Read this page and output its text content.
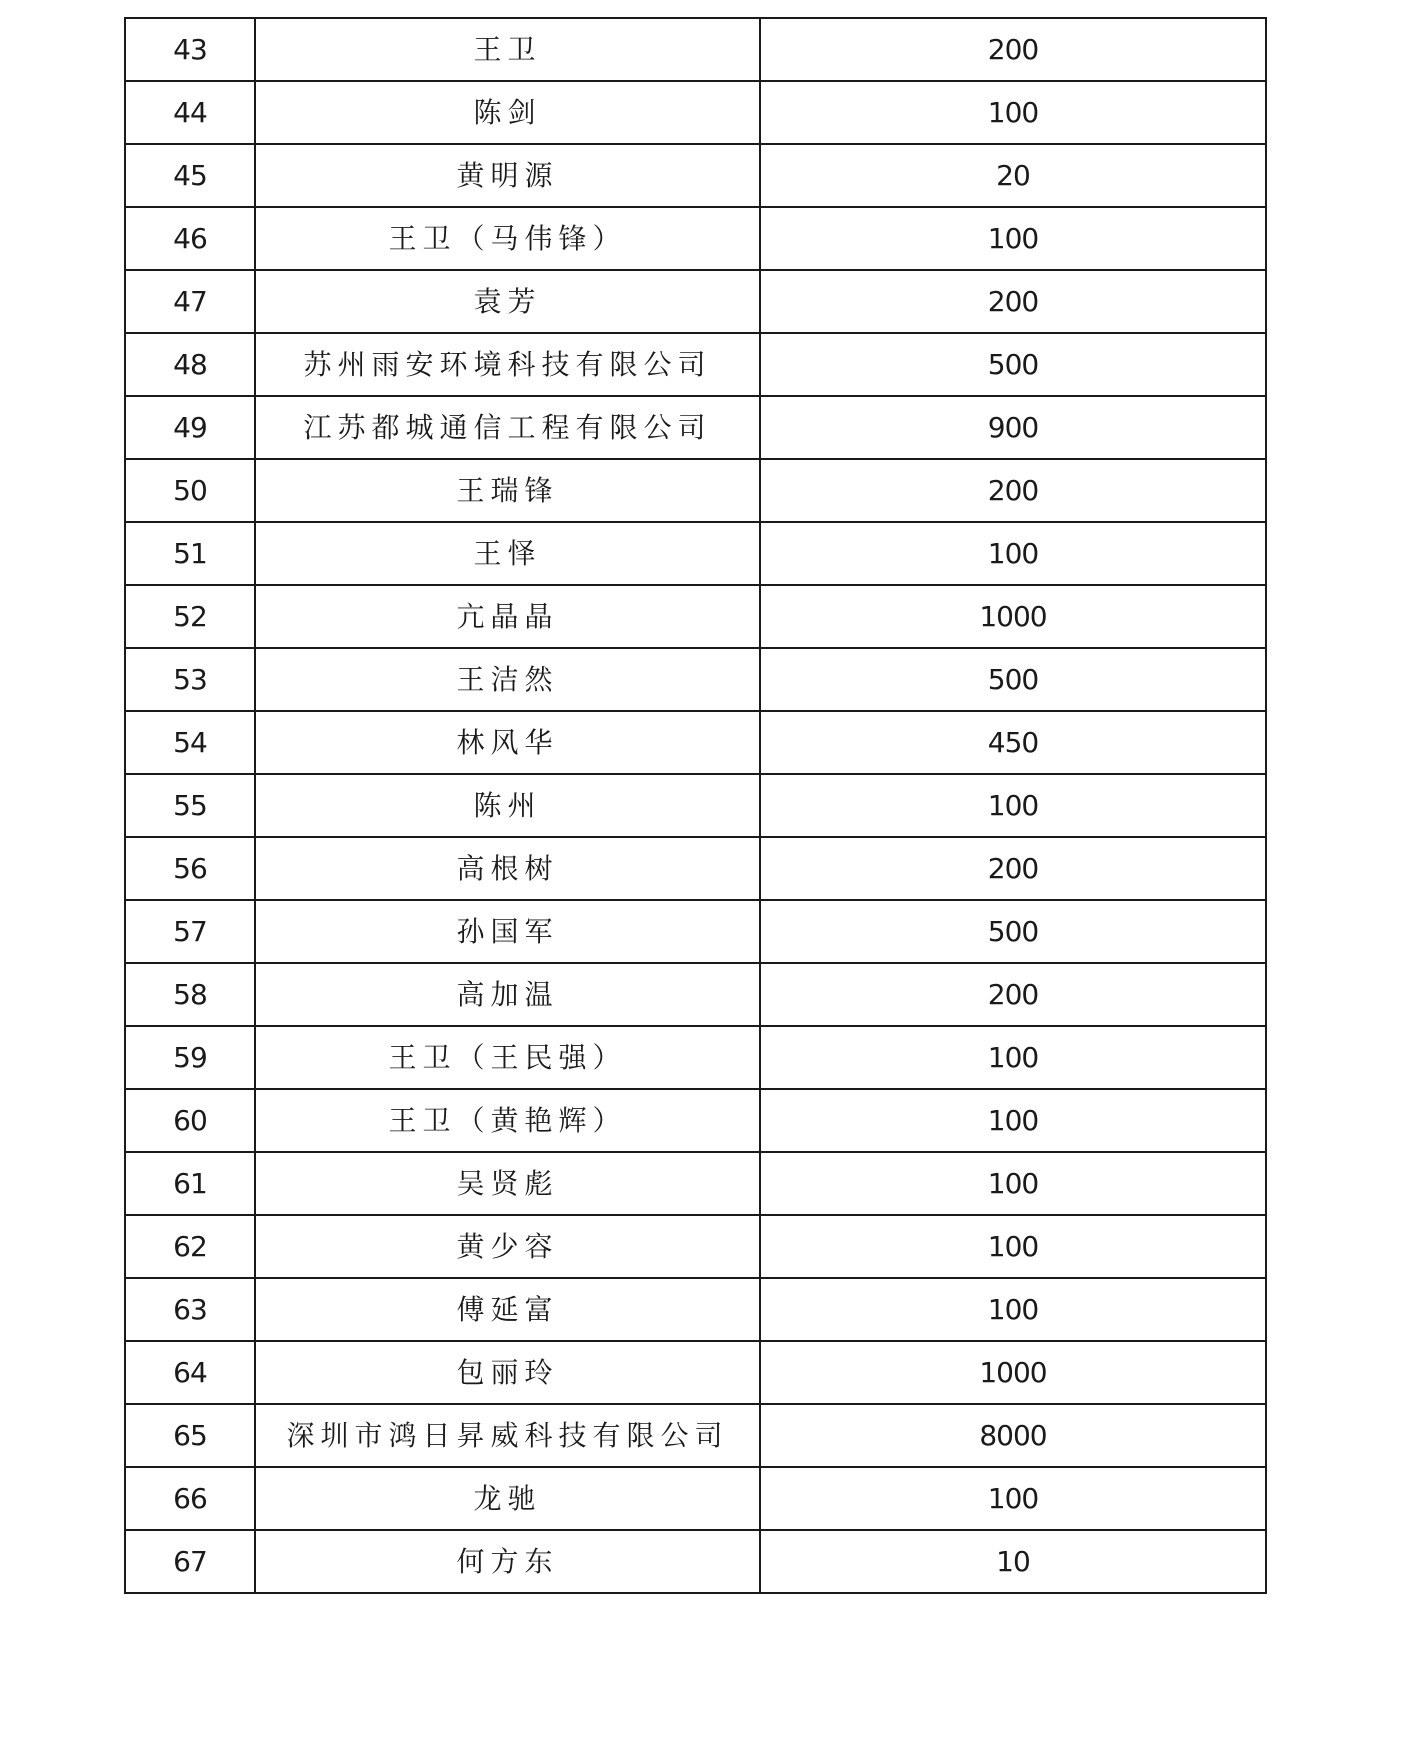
43	王卫	200
44	陈剑	100
45	黄明源	20
46	王卫（马伟锋）	100
47	袁芳	200
48	苏州雨安环境科技有限公司	500
49	江苏都城通信工程有限公司	900
50	王瑞锋	200
51	王怿	100
52	亢晶晶	1000
53	王洁然	500
54	林风华	450
55	陈州	100
56	高根树	200
57	孙国军	500
58	高加温	200
59	王卫（王民强）	100
60	王卫（黄艳辉）	100
61	吴贤彪	100
62	黄少容	100
63	傅延富	100
64	包丽玲	1000
65	深圳市鸿日昇威科技有限公司	8000
66	龙驰	100
67	何方东	10
